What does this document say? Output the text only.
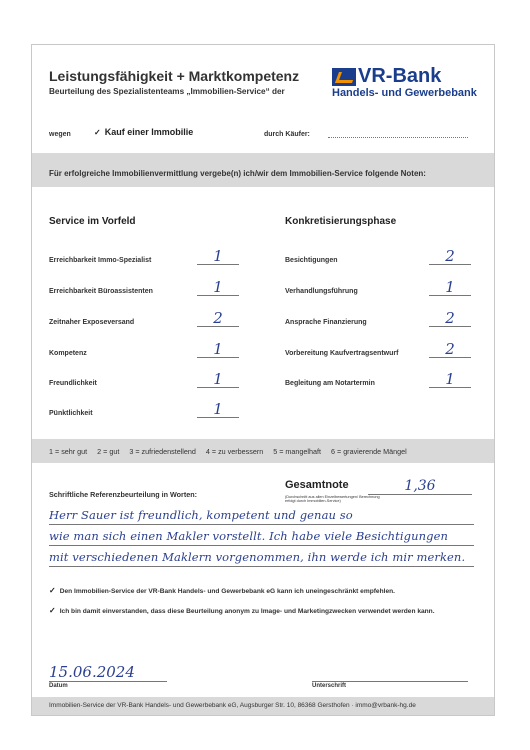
Leistungsfähigkeit + Marktkompetenz
Beurteilung des Spezialistenteams „Immobilien-Service“ der
VR-Bank
Handels- und Gewerbebank
wegen	✓ Kauf einer Immobilie	durch Käufer:
Für erfolgreiche Immobilienvermittlung vergebe(n) ich/wir dem Immobilien-Service folgende Noten:
Service im Vorfeld	Konkretisierungsphase
Erreichbarkeit Immo-Spezialist	1
Erreichbarkeit Büroassistenten	1
Zeitnaher Exposeversand	2
Kompetenz	1
Freundlichkeit	1
Pünktlichkeit	1
Besichtigungen	2
Verhandlungsführung	1
Ansprache Finanzierung	2
Vorbereitung Kaufvertragsentwurf	2
Begleitung am Notartermin	1
1 = sehr gut 2 = gut 3 = zufriedenstellend 4 = zu verbessern 5 = mangelhaft 6 = gravierende Mängel
Schriftliche Referenzbeurteilung in Worten:
Gesamtnote
(Durchschnitt aus allen Einzelbewertungen/ Berechnung erfolgt durch Immobilien-Service)
1,36
Herr Sauer ist freundlich, kompetent und genau so
wie man sich einen Makler vorstellt. Ich habe viele Besichtigungen
mit verschiedenen Maklern vorgenommen, ihn werde ich mir merken.
✓ Den Immobilien-Service der VR-Bank Handels- und Gewerbebank eG kann ich uneingeschränkt empfehlen.
✓ Ich bin damit einverstanden, dass diese Beurteilung anonym zu Image- und Marketingzwecken verwendet werden kann.
15.06.2024
Datum	Unterschrift
Immobilien-Service der VR-Bank Handels- und Gewerbebank eG, Augsburger Str. 10, 86368 Gersthofen · immo@vrbank-hg.de
